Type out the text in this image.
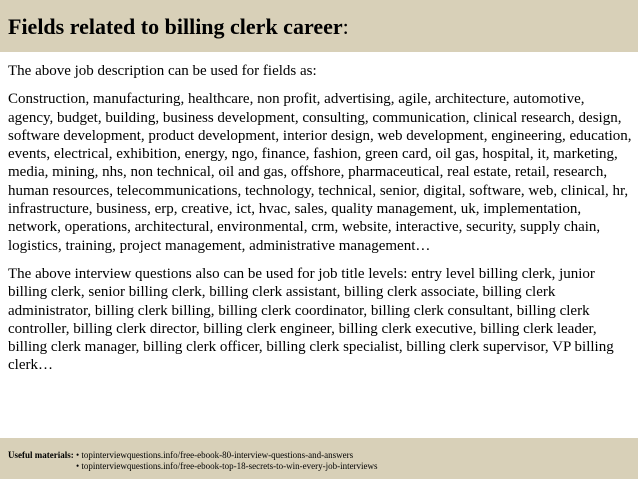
Fields related to billing clerk career:

The above job description can be used for fields as:

Construction, manufacturing, healthcare, non profit, advertising, agile, architecture, automotive, agency, budget, building, business development, consulting, communication, clinical research, design, software development, product development, interior design, web development, engineering, education, events, electrical, exhibition, energy, ngo, finance, fashion, green card, oil gas, hospital, it, marketing, media, mining, nhs, non technical, oil and gas, offshore, pharmaceutical, real estate, retail, research, human resources, telecommunications, technology, technical, senior, digital, software, web, clinical, hr, infrastructure, business, erp, creative, ict, hvac, sales, quality management, uk, implementation, network, operations, architectural, environmental, crm, website, interactive, security, supply chain, logistics, training, project management, administrative management…

The above interview questions also can be used for job title levels: entry level billing clerk, junior billing clerk, senior billing clerk, billing clerk assistant, billing clerk associate, billing clerk administrator, billing clerk billing, billing clerk coordinator, billing clerk consultant, billing clerk controller, billing clerk director, billing clerk engineer, billing clerk executive, billing clerk leader, billing clerk manager, billing clerk officer, billing clerk specialist, billing clerk supervisor, VP billing clerk…

Useful materials: • topinterviewquestions.info/free-ebook-80-interview-questions-and-answers
• topinterviewquestions.info/free-ebook-top-18-secrets-to-win-every-job-interviews
